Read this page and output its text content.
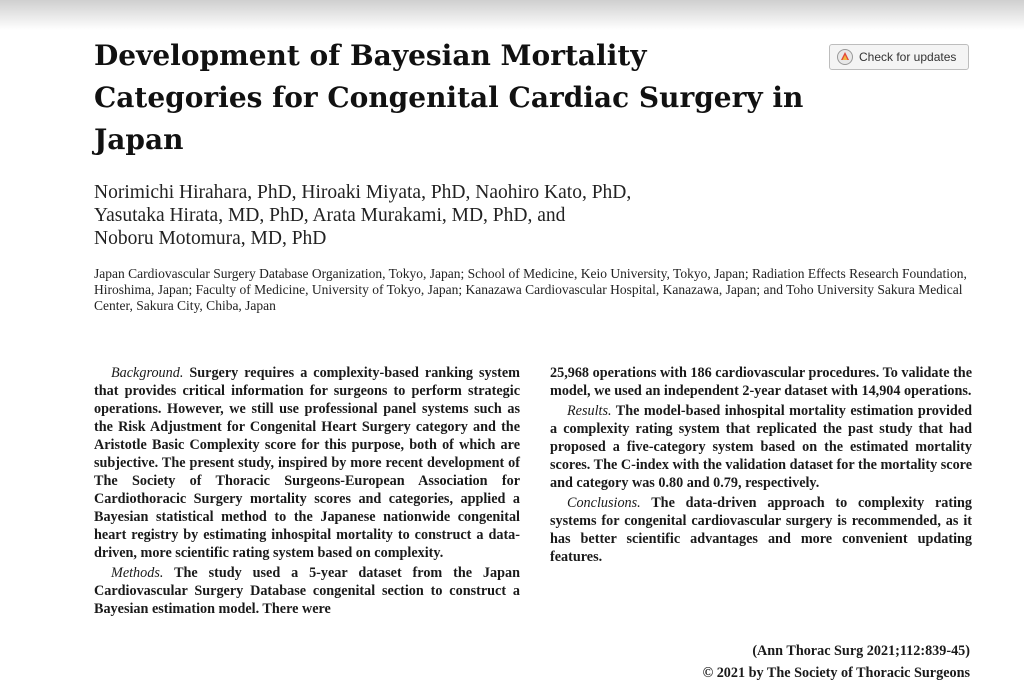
Development of Bayesian Mortality Categories for Congenital Cardiac Surgery in Japan
Check for updates
Norimichi Hirahara, PhD, Hiroaki Miyata, PhD, Naohiro Kato, PhD,
Yasutaka Hirata, MD, PhD, Arata Murakami, MD, PhD, and
Noboru Motomura, MD, PhD
Japan Cardiovascular Surgery Database Organization, Tokyo, Japan; School of Medicine, Keio University, Tokyo, Japan; Radiation Effects Research Foundation, Hiroshima, Japan; Faculty of Medicine, University of Tokyo, Japan; Kanazawa Cardiovascular Hospital, Kanazawa, Japan; and Toho University Sakura Medical Center, Sakura City, Chiba, Japan

Background. Surgery requires a complexity-based ranking system that provides critical information for surgeons to perform strategic operations. However, we still use professional panel systems such as the Risk Adjustment for Congenital Heart Surgery category and the Aristotle Basic Complexity score for this purpose, both of which are subjective. The present study, inspired by more recent development of The Society of Thoracic Surgeons-European Association for Cardiothoracic Surgery mortality scores and categories, applied a Bayesian statistical method to the Japanese nationwide congenital heart registry by estimating inhospital mortality to construct a data-driven, more scientific rating system based on complexity.

Methods. The study used a 5-year dataset from the Japan Cardiovascular Surgery Database congenital section to construct a Bayesian estimation model. There were

25,968 operations with 186 cardiovascular procedures. To validate the model, we used an independent 2-year dataset with 14,904 operations.

Results. The model-based inhospital mortality estimation provided a complexity rating system that replicated the past study that had proposed a five-category system based on the estimated mortality scores. The C-index with the validation dataset for the mortality score and category was 0.80 and 0.79, respectively.

Conclusions. The data-driven approach to complexity rating systems for congenital cardiovascular surgery is recommended, as it has better scientific advantages and more convenient updating features.

(Ann Thorac Surg 2021;112:839-45)
© 2021 by The Society of Thoracic Surgeons
